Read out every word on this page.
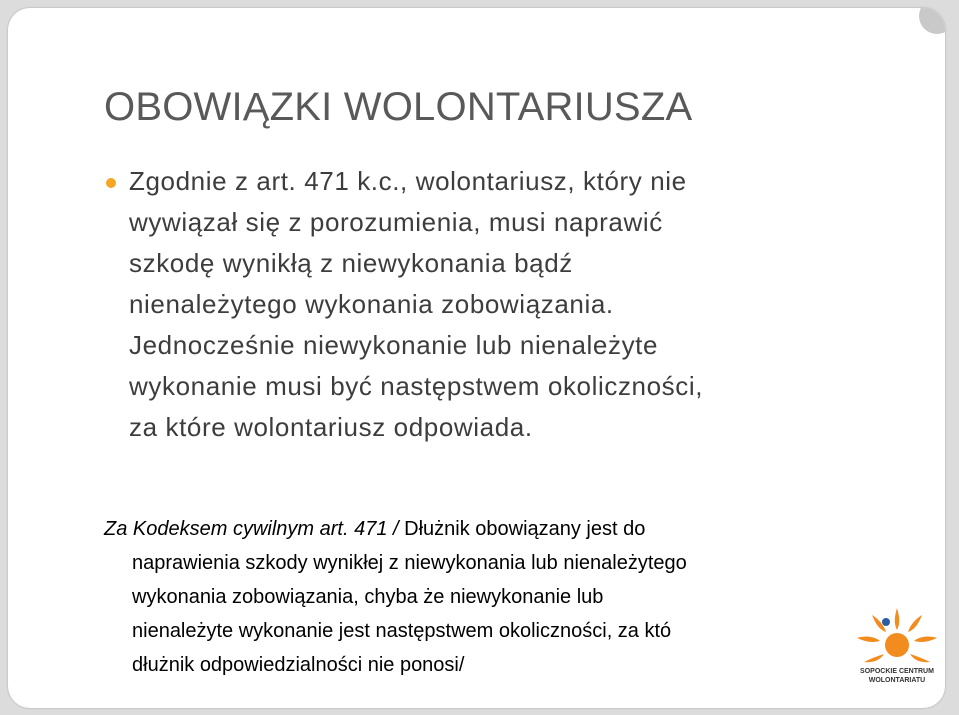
OBOWIĄZKI WOLONTARIUSZA
Zgodnie z art. 471 k.c., wolontariusz, który nie
wywiązał się z porozumienia, musi naprawić
szkodę wynikłą z niewykonania bądź
nienależytego wykonania zobowiązania.
Jednocześnie niewykonanie lub nienależyte
wykonanie musi być następstwem okoliczności,
za które wolontariusz odpowiada.
Za Kodeksem cywilnym art. 471 / Dłużnik obowiązany jest do
naprawienia szkody wynikłej z niewykonania lub nienależytego
wykonania zobowiązania, chyba że niewykonanie lub
nienależyte wykonanie jest następstwem okoliczności, za któ
dłużnik odpowiedzialności nie ponosi/	SOPOCKIE CENTRUM
WOLONTARIATU
